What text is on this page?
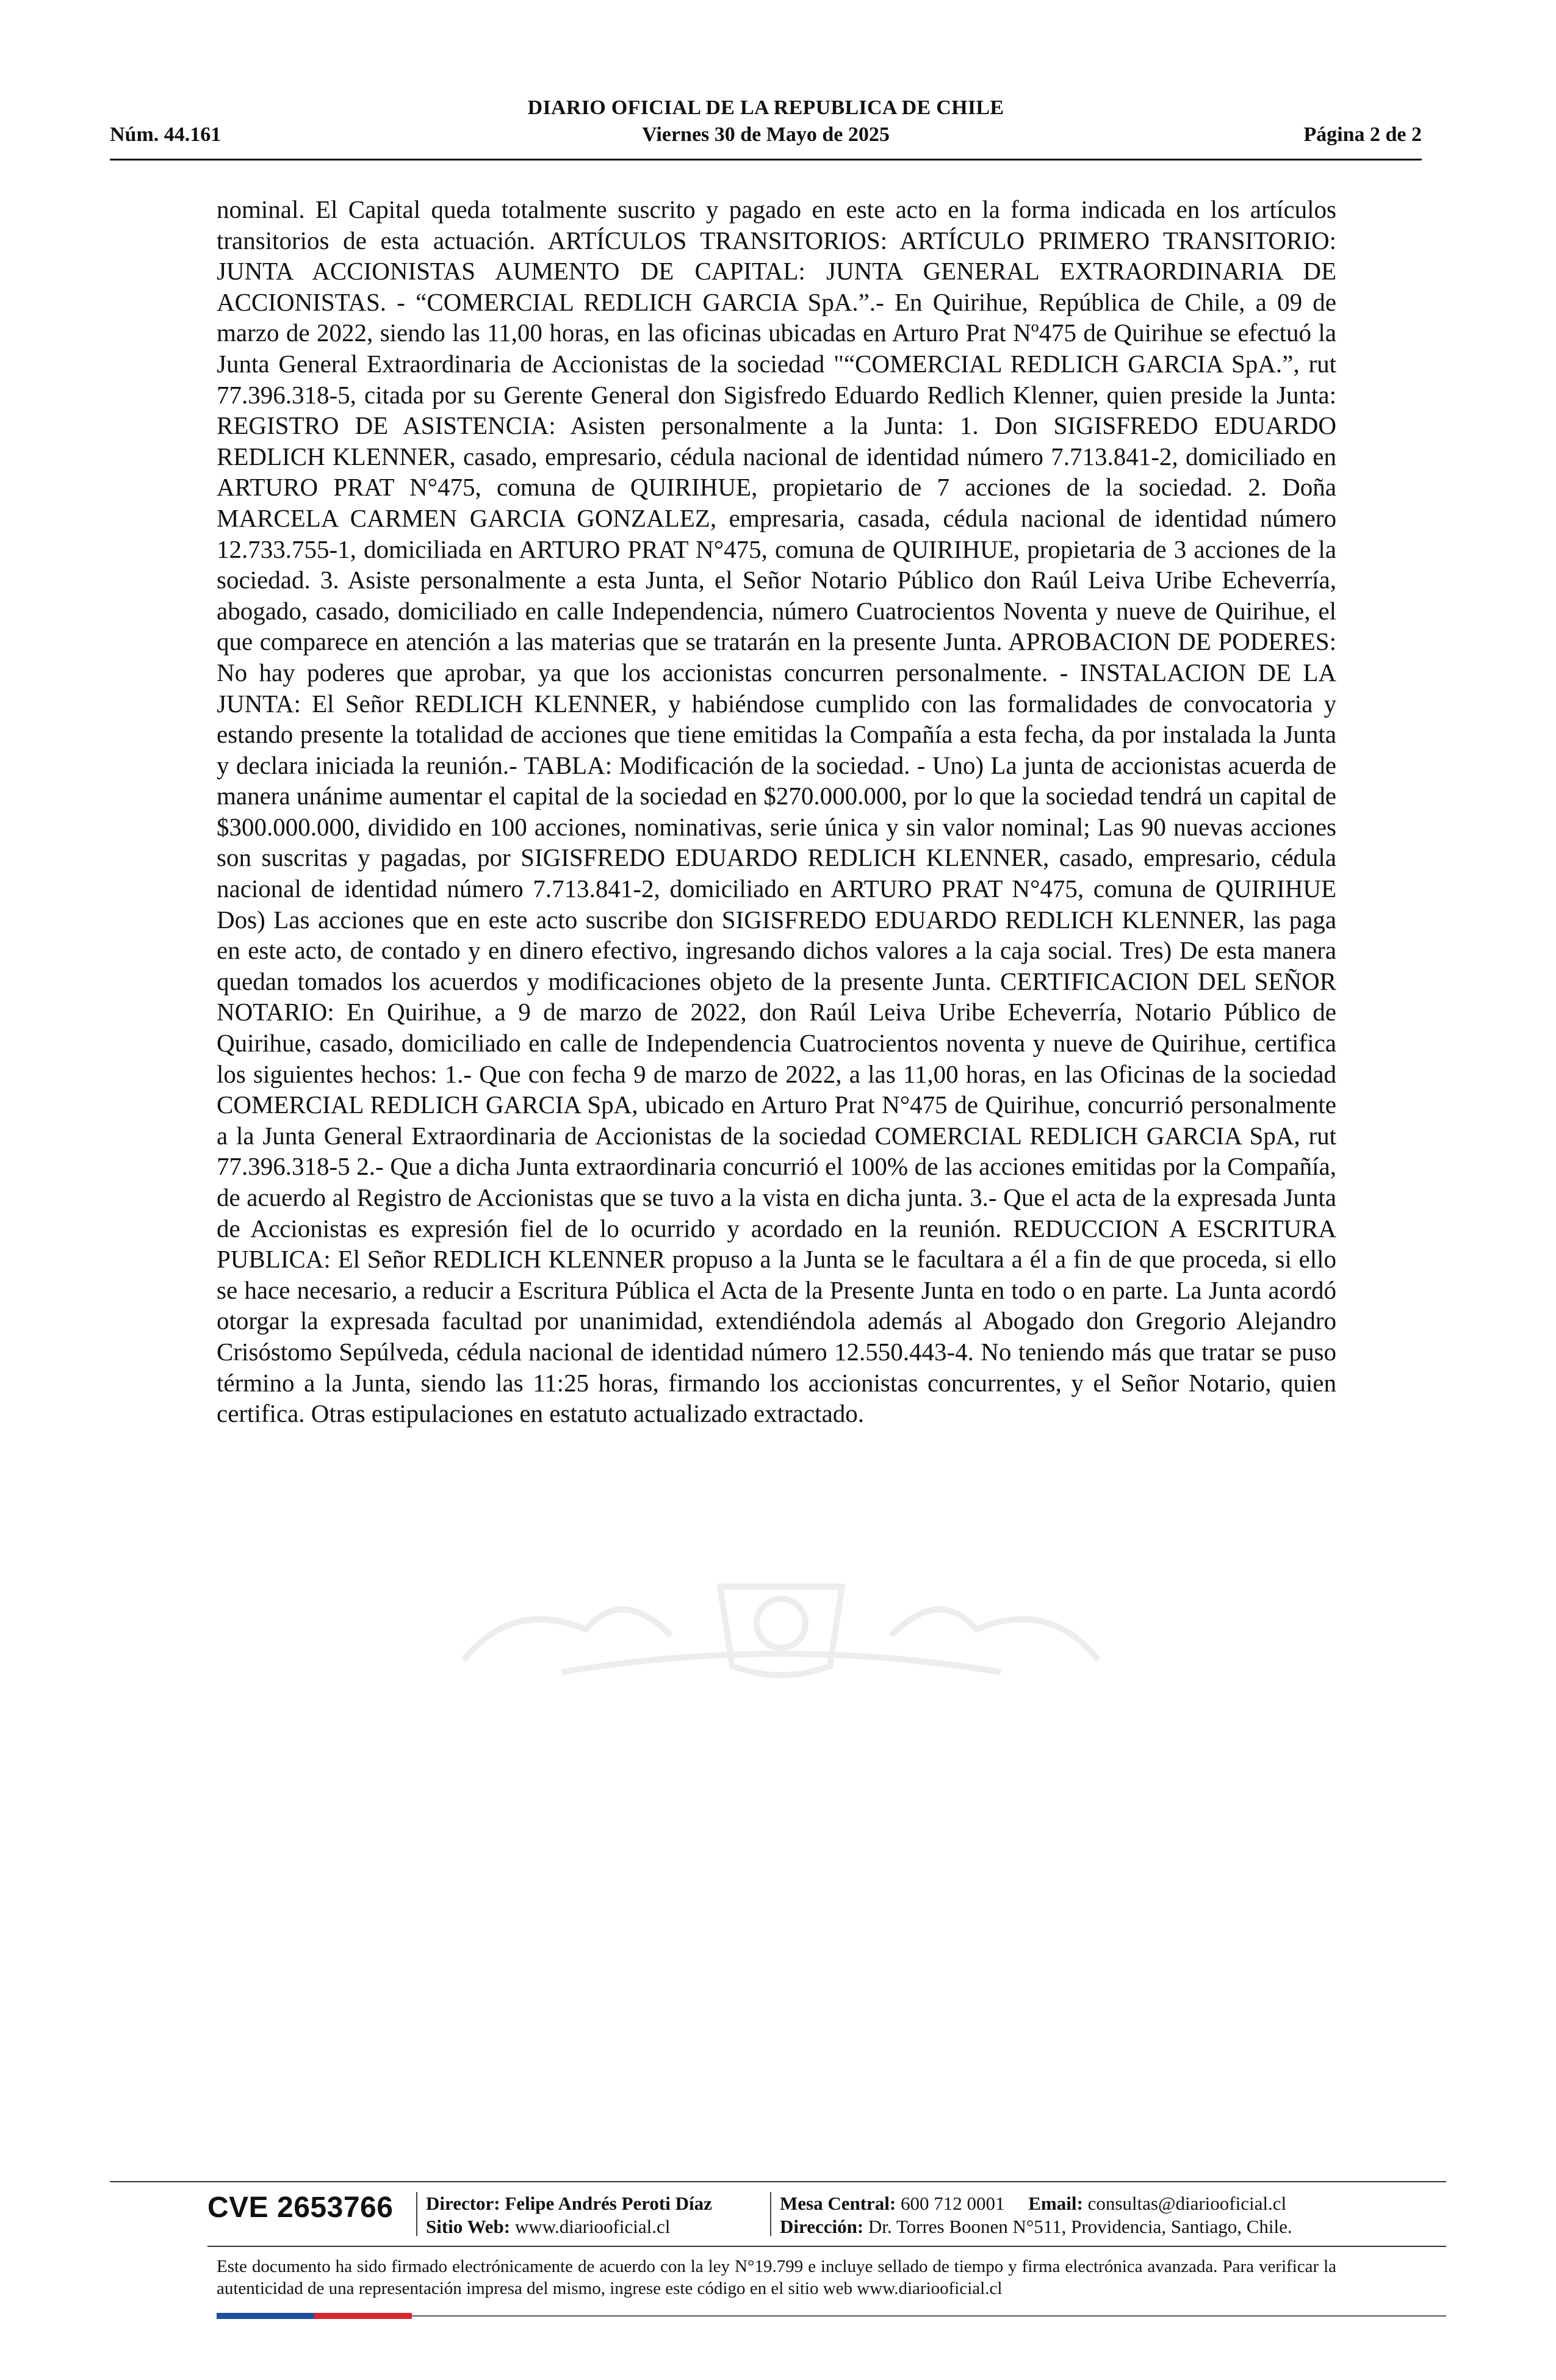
DIARIO OFICIAL DE LA REPUBLICA DE CHILE
Núm. 44.161	Viernes 30 de Mayo de 2025	Página 2 de 2

nominal. El Capital queda totalmente suscrito y pagado en este acto en la forma indicada en los artículos transitorios de esta actuación. ARTÍCULOS TRANSITORIOS: ARTÍCULO PRIMERO TRANSITORIO: JUNTA ACCIONISTAS AUMENTO DE CAPITAL: JUNTA GENERAL EXTRAORDINARIA DE ACCIONISTAS. - “COMERCIAL REDLICH GARCIA SpA.”.- En Quirihue, República de Chile, a 09 de marzo de 2022, siendo las 11,00 horas, en las oficinas ubicadas en Arturo Prat Nº475 de Quirihue se efectuó la Junta General Extraordinaria de Accionistas de la sociedad "“COMERCIAL REDLICH GARCIA SpA.”, rut 77.396.318-5, citada por su Gerente General don Sigisfredo Eduardo Redlich Klenner, quien preside la Junta: REGISTRO DE ASISTENCIA: Asisten personalmente a la Junta: 1. Don SIGISFREDO EDUARDO REDLICH KLENNER, casado, empresario, cédula nacional de identidad número 7.713.841-2, domiciliado en ARTURO PRAT N°475, comuna de QUIRIHUE, propietario de 7 acciones de la sociedad. 2. Doña MARCELA CARMEN GARCIA GONZALEZ, empresaria, casada, cédula nacional de identidad número 12.733.755-1, domiciliada en ARTURO PRAT N°475, comuna de QUIRIHUE, propietaria de 3 acciones de la sociedad. 3. Asiste personalmente a esta Junta, el Señor Notario Público don Raúl Leiva Uribe Echeverría, abogado, casado, domiciliado en calle Independencia, número Cuatrocientos Noventa y nueve de Quirihue, el que comparece en atención a las materias que se tratarán en la presente Junta. APROBACION DE PODERES: No hay poderes que aprobar, ya que los accionistas concurren personalmente. - INSTALACION DE LA JUNTA: El Señor REDLICH KLENNER, y habiéndose cumplido con las formalidades de convocatoria y estando presente la totalidad de acciones que tiene emitidas la Compañía a esta fecha, da por instalada la Junta y declara iniciada la reunión.- TABLA: Modificación de la sociedad. - Uno) La junta de accionistas acuerda de manera unánime aumentar el capital de la sociedad en $270.000.000, por lo que la sociedad tendrá un capital de $300.000.000, dividido en 100 acciones, nominativas, serie única y sin valor nominal; Las 90 nuevas acciones son suscritas y pagadas, por SIGISFREDO EDUARDO REDLICH KLENNER, casado, empresario, cédula nacional de identidad número 7.713.841-2, domiciliado en ARTURO PRAT N°475, comuna de QUIRIHUE Dos) Las acciones que en este acto suscribe don SIGISFREDO EDUARDO REDLICH KLENNER, las paga en este acto, de contado y en dinero efectivo, ingresando dichos valores a la caja social. Tres) De esta manera quedan tomados los acuerdos y modificaciones objeto de la presente Junta. CERTIFICACION DEL SEÑOR NOTARIO: En Quirihue, a 9 de marzo de 2022, don Raúl Leiva Uribe Echeverría, Notario Público de Quirihue, casado, domiciliado en calle de Independencia Cuatrocientos noventa y nueve de Quirihue, certifica los siguientes hechos: 1.- Que con fecha 9 de marzo de 2022, a las 11,00 horas, en las Oficinas de la sociedad COMERCIAL REDLICH GARCIA SpA, ubicado en Arturo Prat N°475 de Quirihue, concurrió personalmente a la Junta General Extraordinaria de Accionistas de la sociedad COMERCIAL REDLICH GARCIA SpA, rut 77.396.318-5 2.- Que a dicha Junta extraordinaria concurrió el 100% de las acciones emitidas por la Compañía, de acuerdo al Registro de Accionistas que se tuvo a la vista en dicha junta. 3.- Que el acta de la expresada Junta de Accionistas es expresión fiel de lo ocurrido y acordado en la reunión. REDUCCION A ESCRITURA PUBLICA: El Señor REDLICH KLENNER propuso a la Junta se le facultara a él a fin de que proceda, si ello se hace necesario, a reducir a Escritura Pública el Acta de la Presente Junta en todo o en parte. La Junta acordó otorgar la expresada facultad por unanimidad, extendiéndola además al Abogado don Gregorio Alejandro Crisóstomo Sepúlveda, cédula nacional de identidad número 12.550.443-4. No teniendo más que tratar se puso término a la Junta, siendo las 11:25 horas, firmando los accionistas concurrentes, y el Señor Notario, quien certifica. Otras estipulaciones en estatuto actualizado extractado.

CVE 2653766 Director: Felipe Andrés Peroti Díaz
Sitio Web: www.diariooficial.cl
Mesa Central: 600 712 0001 Email: consultas@diariooficial.cl
Dirección: Dr. Torres Boonen N°511, Providencia, Santiago, Chile.
Este documento ha sido firmado electrónicamente de acuerdo con la ley N°19.799 e incluye sellado de tiempo y firma electrónica avanzada. Para verificar la autenticidad de una representación impresa del mismo, ingrese este código en el sitio web www.diariooficial.cl
